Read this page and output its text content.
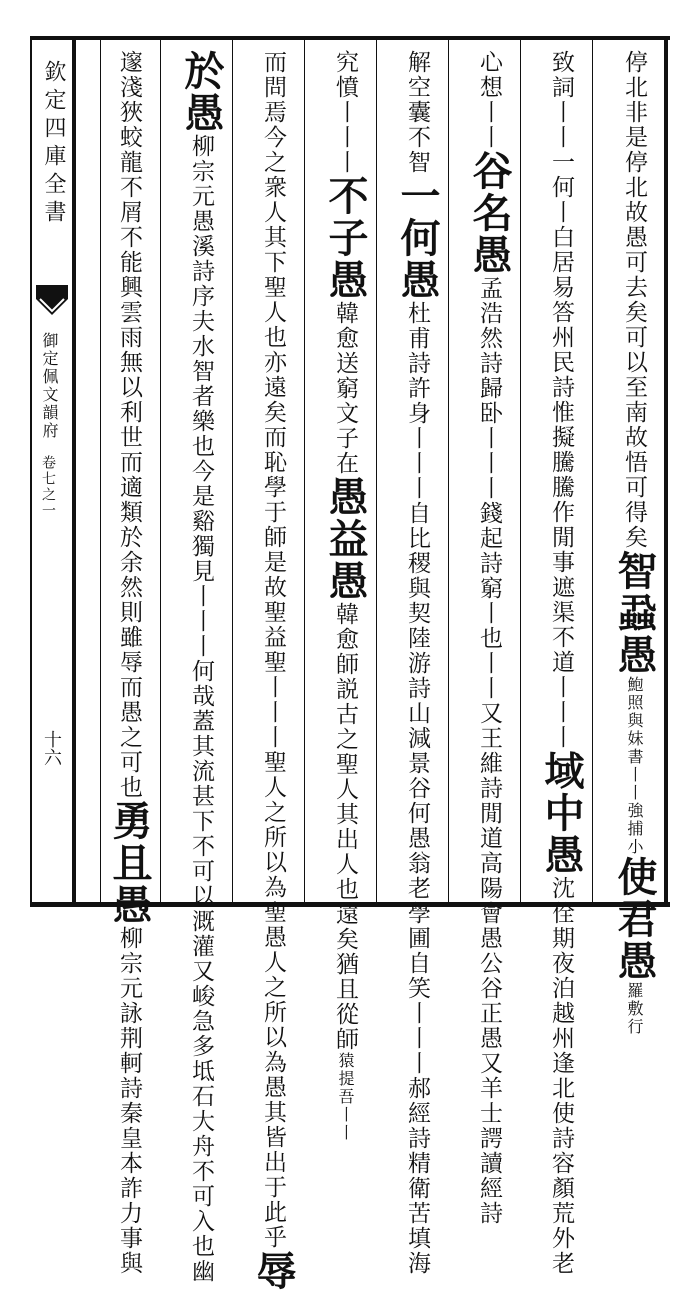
欽定四庫全書
御定佩文韻府
卷七之一
十六
停北非是停北故愚可去矣可以至南故悟可得矣智蝨愚鮑照與妹書丨丨強捕小使君愚羅敷行
致詞丨丨一何丨白居易答州民詩惟擬騰騰作閒事遮渠不道丨丨丨域中愚沈佺期夜泊越州逢北使詩容顏荒外老
心想丨丨谷名愚孟浩然詩歸卧丨丨丨錢起詩窮丨也丨丨又王維詩閒道高陽會愚公谷正愚又羊士諤讀經詩
解空囊不智一何愚杜甫詩許身丨丨丨自比稷與契陸游詩山減景谷何愚翁老學圃自笑丨丨丨郝經詩精衛苦填海
究憤丨丨丨不子愚韓愈送窮文子在愚益愚韓愈師説古之聖人其出人也遠矣猶且從師猿提吾丨丨
而問焉今之衆人其下聖人也亦遠矣而恥學于師是故聖益聖丨丨丨聖人之所以為聖愚人之所以為愚其皆出于此乎辱
於愚柳宗元愚溪詩序夫水智者樂也今是谿獨見丨丨丨何哉蓋其流甚下不可以溉灌又峻急多坻石大舟不可入也幽
邃淺狹蛟龍不屑不能興雲雨無以利世而適類於余然則雖辱而愚之可也勇且愚柳宗元詠荆軻詩秦皇本詐力事與
